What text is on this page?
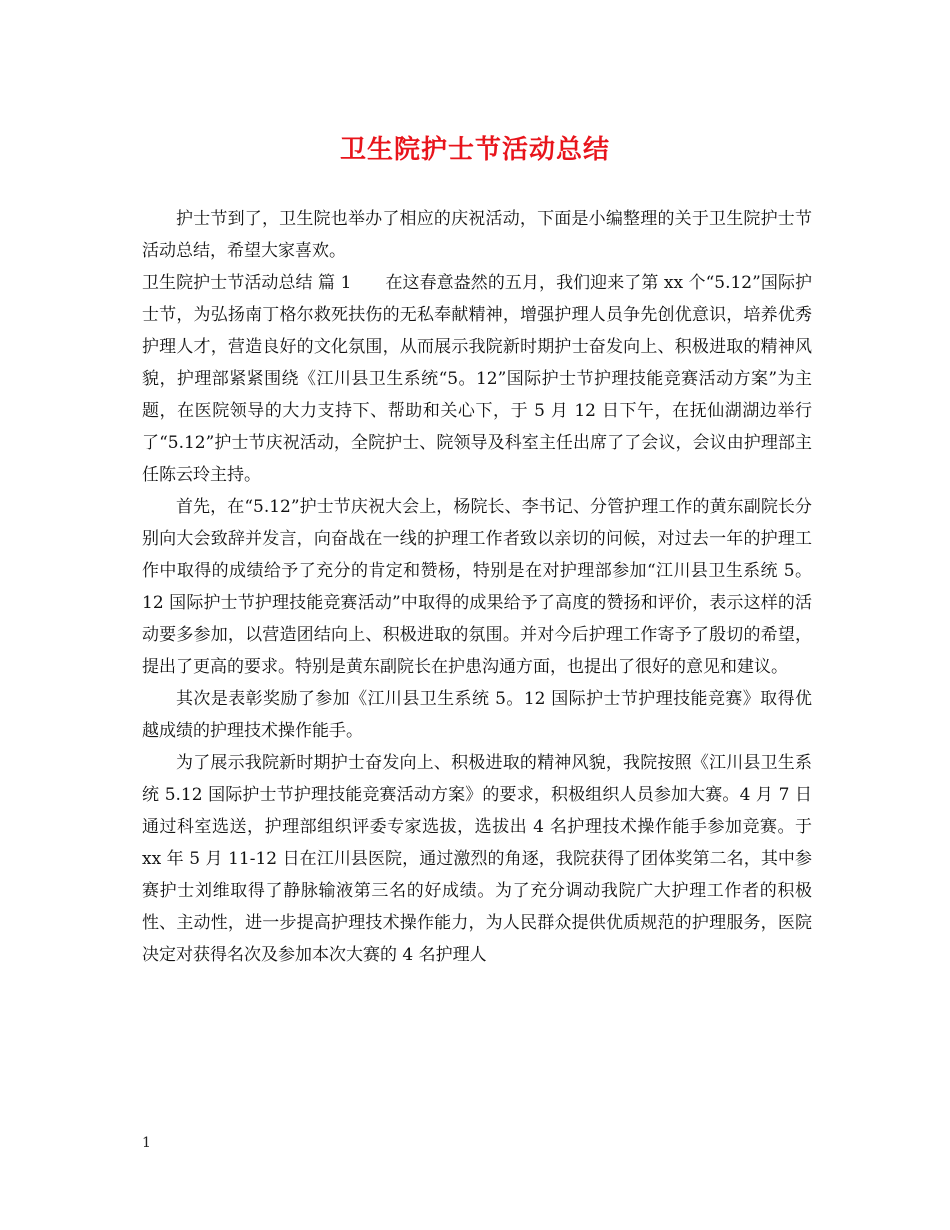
卫生院护士节活动总结

护士节到了，卫生院也举办了相应的庆祝活动，下面是小编整理的关于卫生院护士节活动总结，希望大家喜欢。

卫生院护士节活动总结 篇 1 在这春意盎然的五月，我们迎来了第 xx 个“5.12”国际护士节，为弘扬南丁格尔救死扶伤的无私奉献精神，增强护理人员争先创优意识，培养优秀护理人才，营造良好的文化氛围，从而展示我院新时期护士奋发向上、积极进取的精神风貌，护理部紧紧围绕《江川县卫生系统“5。12”国际护士节护理技能竞赛活动方案”为主题，在医院领导的大力支持下、帮助和关心下，于 5 月 12 日下午，在抚仙湖湖边举行了“5.12”护士节庆祝活动，全院护士、院领导及科室主任出席了了会议，会议由护理部主任陈云玲主持。

首先，在“5.12”护士节庆祝大会上，杨院长、李书记、分管护理工作的黄东副院长分别向大会致辞并发言，向奋战在一线的护理工作者致以亲切的问候，对过去一年的护理工作中取得的成绩给予了充分的肯定和赞杨，特别是在对护理部参加“江川县卫生系统 5。12 国际护士节护理技能竞赛活动”中取得的成果给予了高度的赞扬和评价，表示这样的活动要多参加，以营造团结向上、积极进取的氛围。并对今后护理工作寄予了殷切的希望，提出了更高的要求。特别是黄东副院长在护患沟通方面，也提出了很好的意见和建议。

其次是表彰奖励了参加《江川县卫生系统 5。12 国际护士节护理技能竞赛》取得优越成绩的护理技术操作能手。

为了展示我院新时期护士奋发向上、积极进取的精神风貌，我院按照《江川县卫生系统 5.12 国际护士节护理技能竞赛活动方案》的要求，积极组织人员参加大赛。4 月 7 日通过科室选送，护理部组织评委专家选拔，选拔出 4 名护理技术操作能手参加竞赛。于 xx 年 5 月 11-12 日在江川县医院，通过激烈的角逐，我院获得了团体奖第二名，其中参赛护士刘维取得了静脉输液第三名的好成绩。为了充分调动我院广大护理工作者的积极性、主动性，进一步提高护理技术操作能力，为人民群众提供优质规范的护理服务，医院决定对获得名次及参加本次大赛的 4 名护理人

1
